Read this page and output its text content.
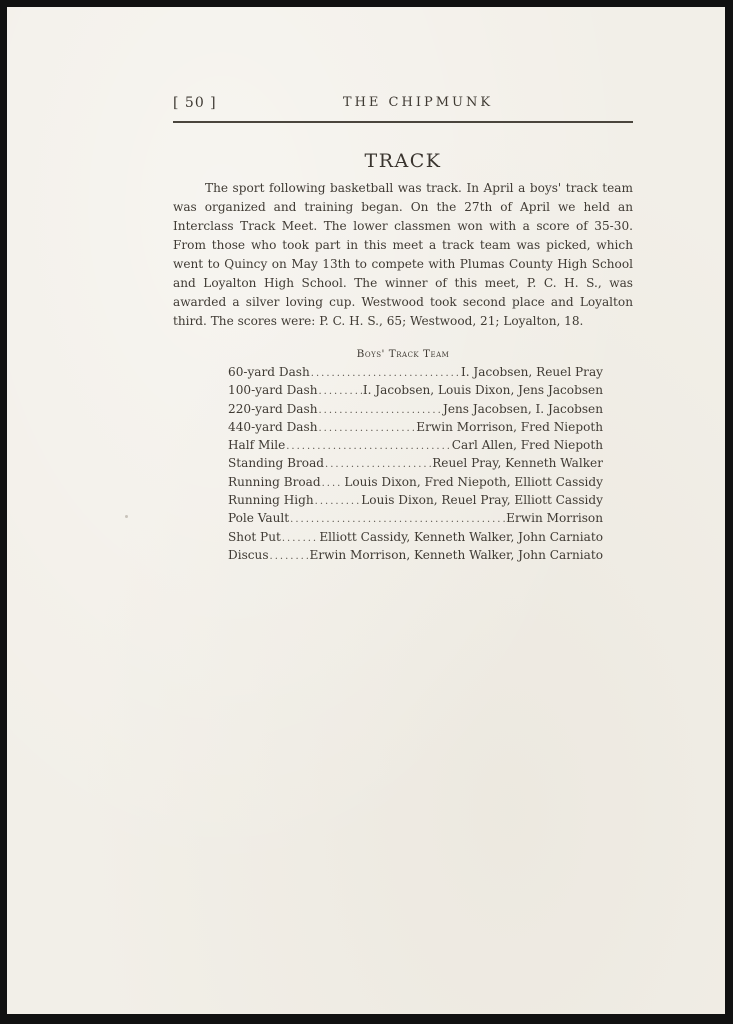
[ 50 ]	THE CHIPMUNK
TRACK

The sport following basketball was track. In April a boys' track team was organized and training began. On the 27th of April we held an Interclass Track Meet. The lower classmen won with a score of 35-30. From those who took part in this meet a track team was picked, which went to Quincy on May 13th to compete with Plumas County High School and Loyalton High School. The winner of this meet, P. C. H. S., was awarded a silver loving cup. Westwood took second place and Loyalton third. The scores were: P. C. H. S., 65; Westwood, 21; Loyalton, 18.

Boys' Track Team
60-yard Dash .....	I. Jacobsen, Reuel Pray
100-yard Dash .....	I. Jacobsen, Louis Dixon, Jens Jacobsen
220-yard Dash .....	Jens Jacobsen, I. Jacobsen
440-yard Dash .....	Erwin Morrison, Fred Niepoth
Half Mile .....	Carl Allen, Fred Niepoth
Standing Broad .....	Reuel Pray, Kenneth Walker
Running Broad ..... Louis Dixon, Fred Niepoth, Elliott Cassidy
Running High .....	Louis Dixon, Reuel Pray, Elliott Cassidy
Pole Vault .....	Erwin Morrison
Shot Put .....	Elliott Cassidy, Kenneth Walker, John Carniato
Discus .....	Erwin Morrison, Kenneth Walker, John Carniato
